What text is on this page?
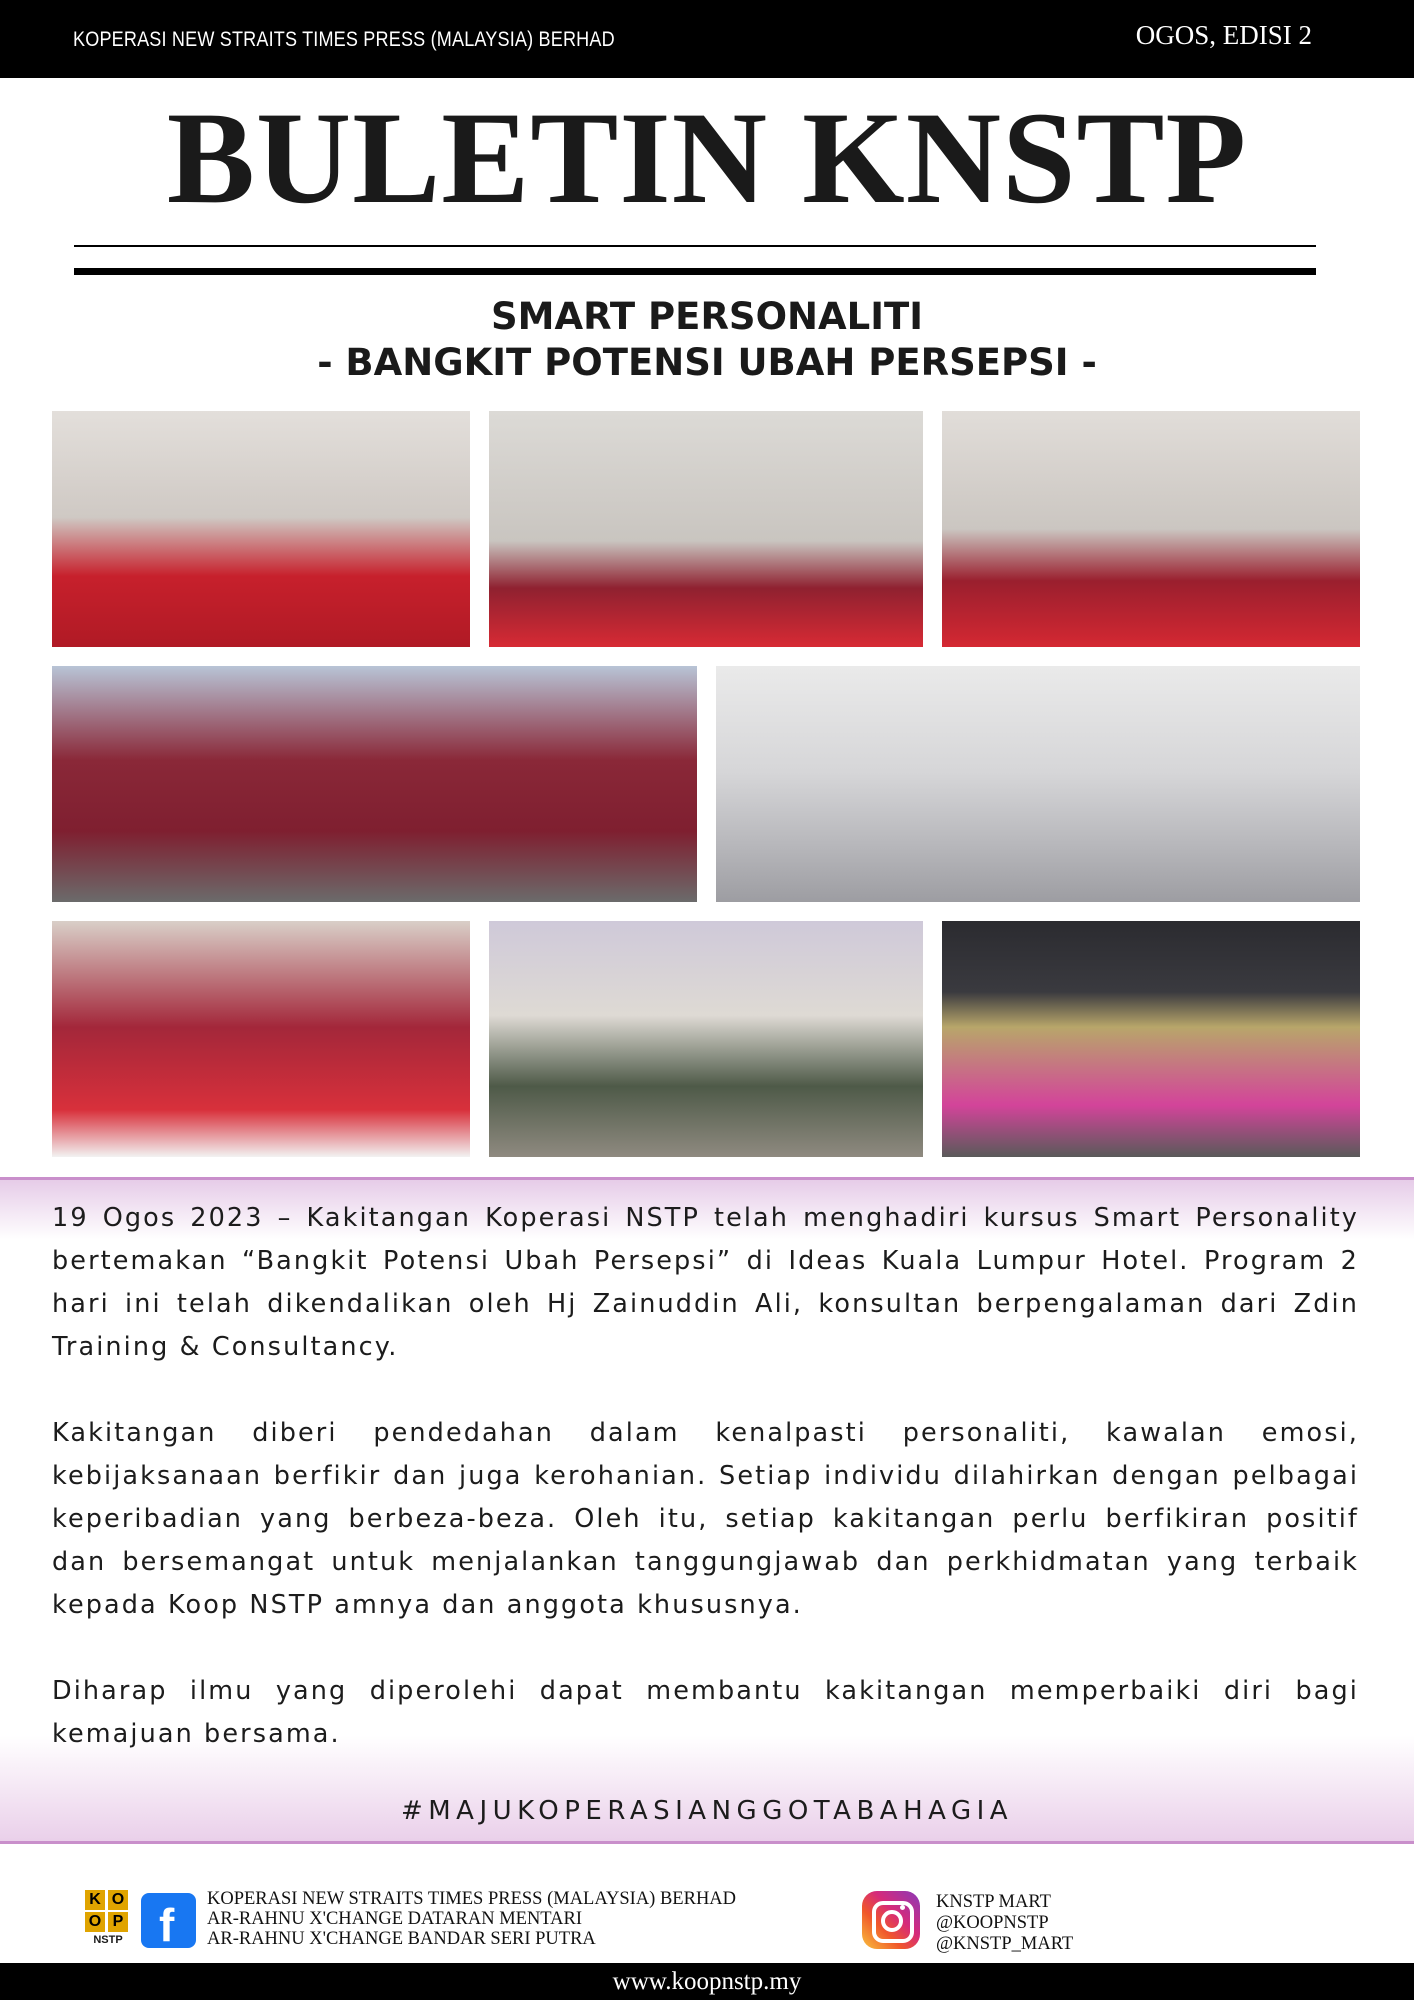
KOPERASI NEW STRAITS TIMES PRESS (MALAYSIA) BERHAD	OGOS, EDISI 2
BULETIN KNSTP
SMART PERSONALITI
- BANGKIT POTENSI UBAH PERSEPSI -

19 Ogos 2023 – Kakitangan Koperasi NSTP telah menghadiri kursus Smart Personality bertemakan “Bangkit Potensi Ubah Persepsi” di Ideas Kuala Lumpur Hotel. Program 2 hari ini telah dikendalikan oleh Hj Zainuddin Ali, konsultan berpengalaman dari Zdin Training & Consultancy.

Kakitangan diberi pendedahan dalam kenalpasti personaliti, kawalan emosi, kebijaksanaan berfikir dan juga kerohanian. Setiap individu dilahirkan dengan pelbagai keperibadian yang berbeza-beza. Oleh itu, setiap kakitangan perlu berfikiran positif dan bersemangat untuk menjalankan tanggungjawab dan perkhidmatan yang terbaik kepada Koop NSTP amnya dan anggota khususnya.

Diharap ilmu yang diperolehi dapat membantu kakitangan memperbaiki diri bagi kemajuan bersama.

#MAJUKOPERASIANGGOTABAHAGIA
K O
O P
NSTP f KOPERASI NEW STRAITS TIMES PRESS (MALAYSIA) BERHAD
AR-RAHNU X'CHANGE DATARAN MENTARI
AR-RAHNU X'CHANGE BANDAR SERI PUTRA
KNSTP MART
@KOOPNSTP
@KNSTP_MART
www.koopnstp.my
